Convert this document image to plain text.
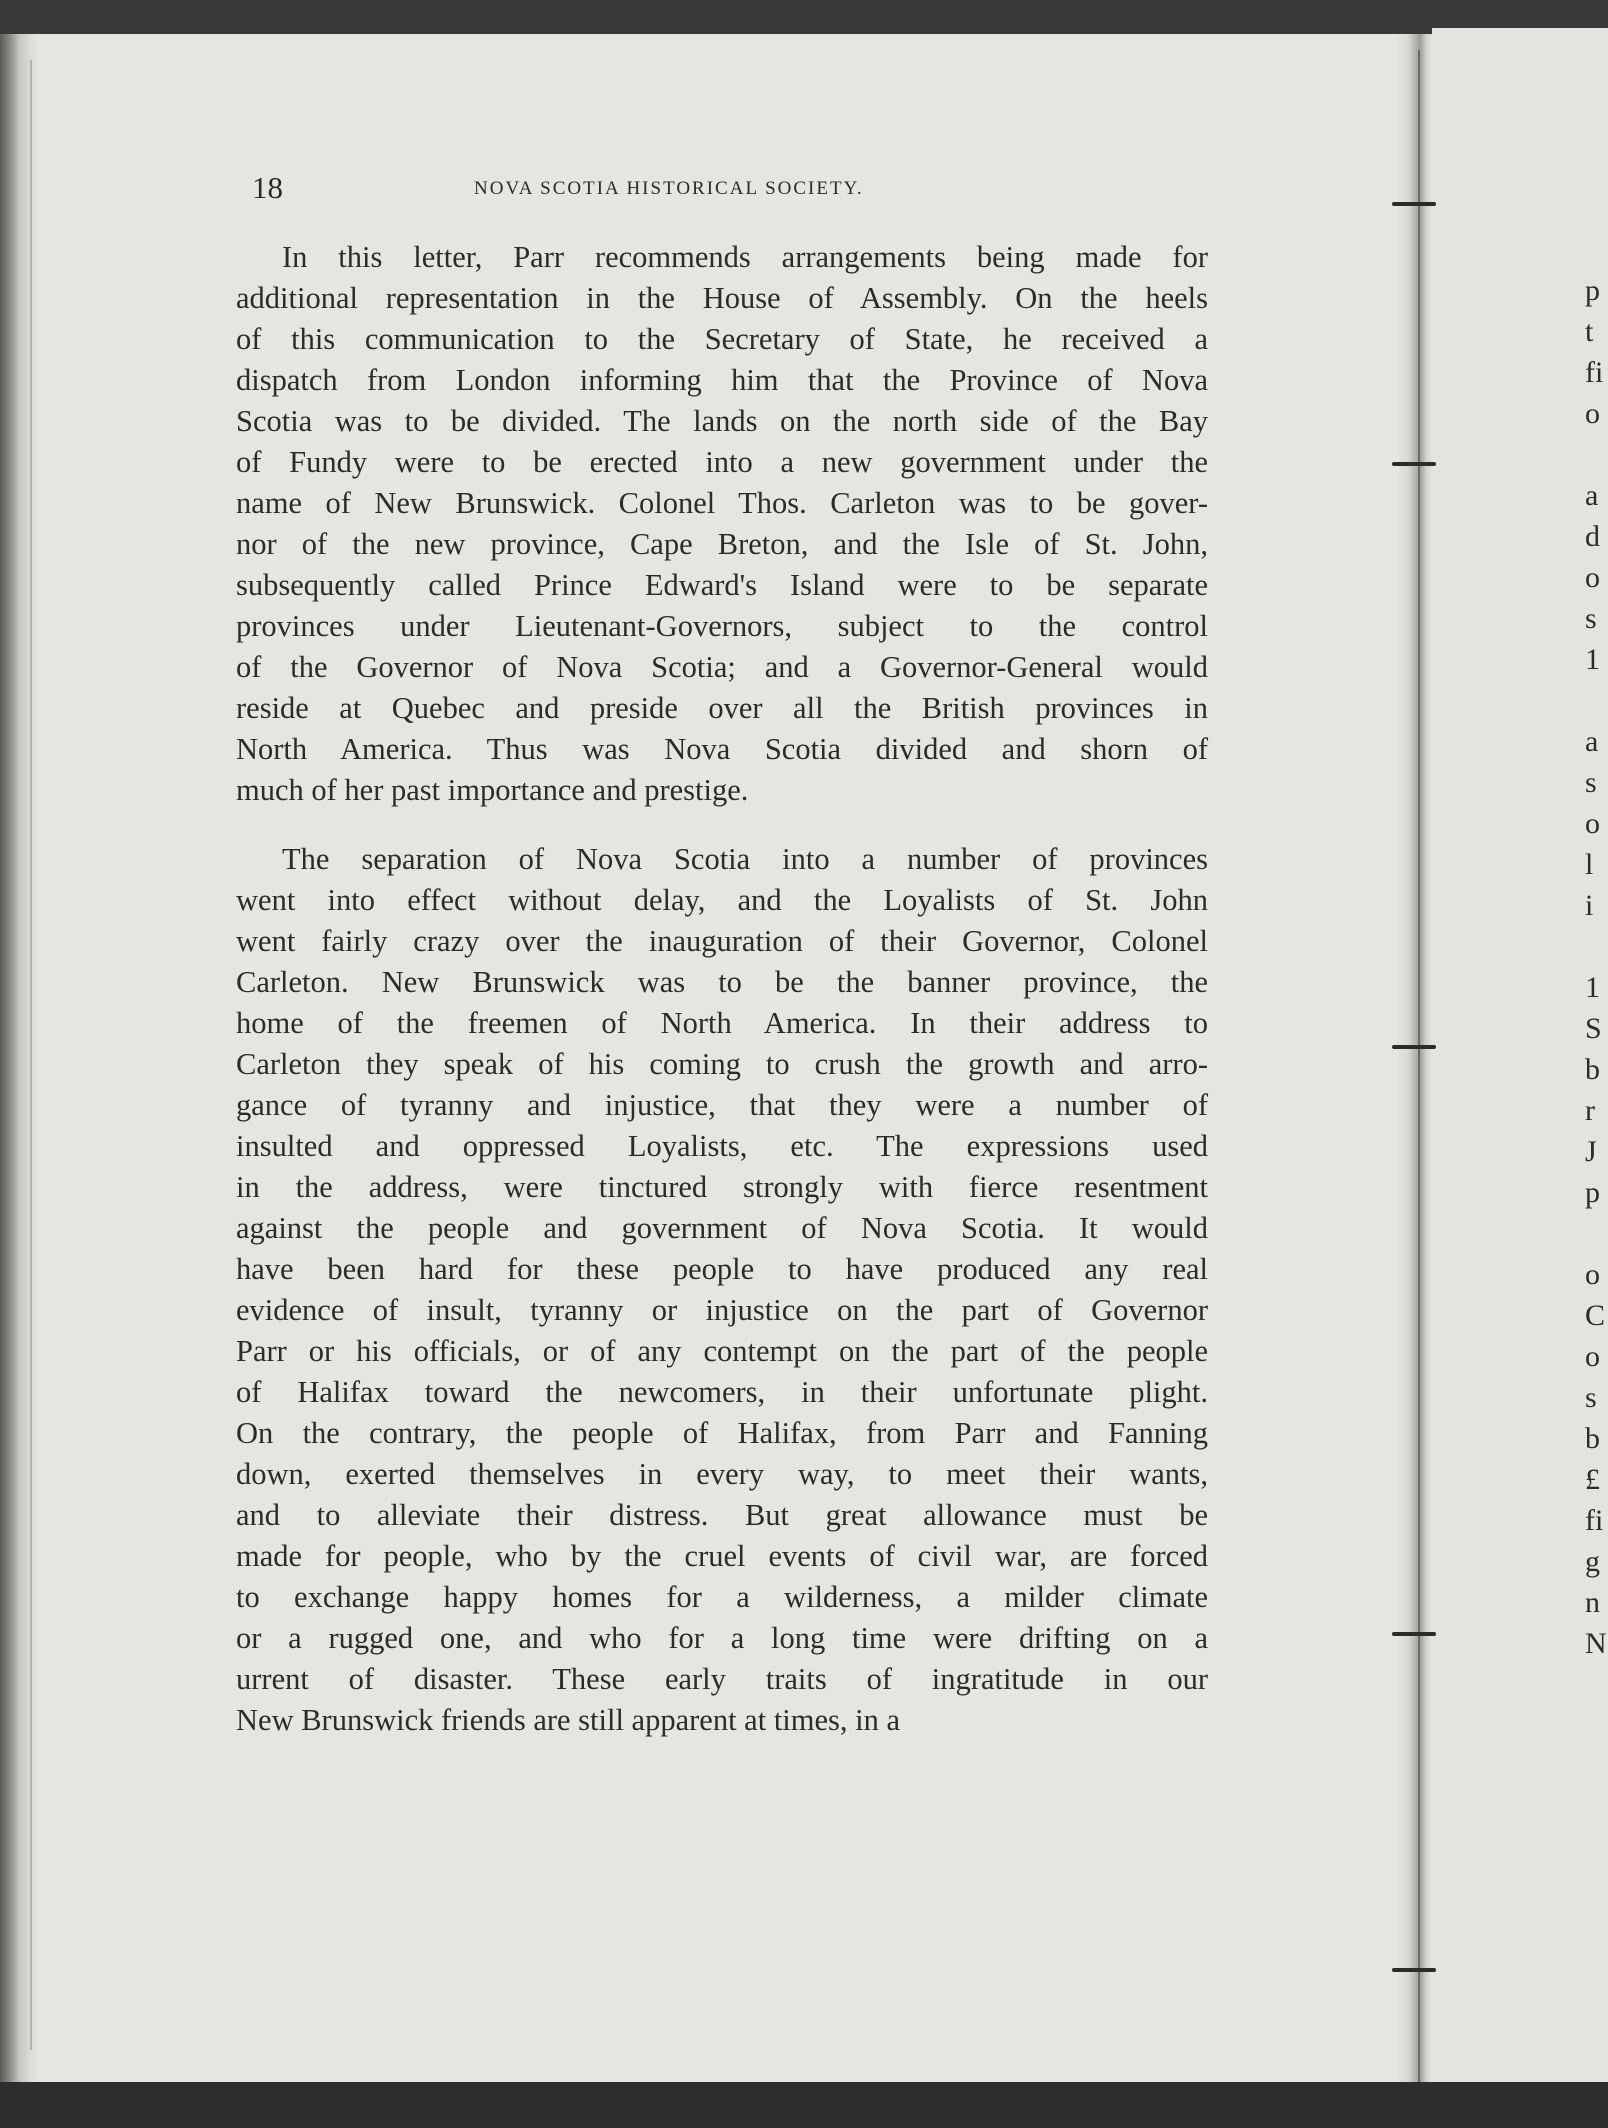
18	NOVA SCOTIA HISTORICAL SOCIETY.
In this letter, Parr recommends arrangements being made for
additional representation in the House of Assembly. On the heels
of this communication to the Secretary of State, he received a
dispatch from London informing him that the Province of Nova
Scotia was to be divided. The lands on the north side of the Bay
of Fundy were to be erected into a new government under the
name of New Brunswick. Colonel Thos. Carleton was to be gover-
nor of the new province, Cape Breton, and the Isle of St. John,
subsequently called Prince Edward's Island were to be separate
provinces under Lieutenant-Governors, subject to the control
of the Governor of Nova Scotia; and a Governor-General would
reside at Quebec and preside over all the British provinces in
North America. Thus was Nova Scotia divided and shorn of
much of her past importance and prestige.
The separation of Nova Scotia into a number of provinces
went into effect without delay, and the Loyalists of St. John
went fairly crazy over the inauguration of their Governor, Colonel
Carleton. New Brunswick was to be the banner province, the
home of the freemen of North America. In their address to
Carleton they speak of his coming to crush the growth and arro-
gance of tyranny and injustice, that they were a number of
insulted and oppressed Loyalists, etc. The expressions used
in the address, were tinctured strongly with fierce resentment
against the people and government of Nova Scotia. It would
have been hard for these people to have produced any real
evidence of insult, tyranny or injustice on the part of Governor
Parr or his officials, or of any contempt on the part of the people
of Halifax toward the newcomers, in their unfortunate plight.
On the contrary, the people of Halifax, from Parr and Fanning
down, exerted themselves in every way, to meet their wants,
and to alleviate their distress. But great allowance must be
made for people, who by the cruel events of civil war, are forced
to exchange happy homes for a wilderness, a milder climate
or a rugged one, and who for a long time were drifting on a
urrent of disaster. These early traits of ingratitude in our
New Brunswick friends are still apparent at times, in a
p
t
fi
o
a
d
o
s
1
a
s
o
l
i
1
S
b
r
J
p
o
C
o
s
b
£
fi
g
n
N
